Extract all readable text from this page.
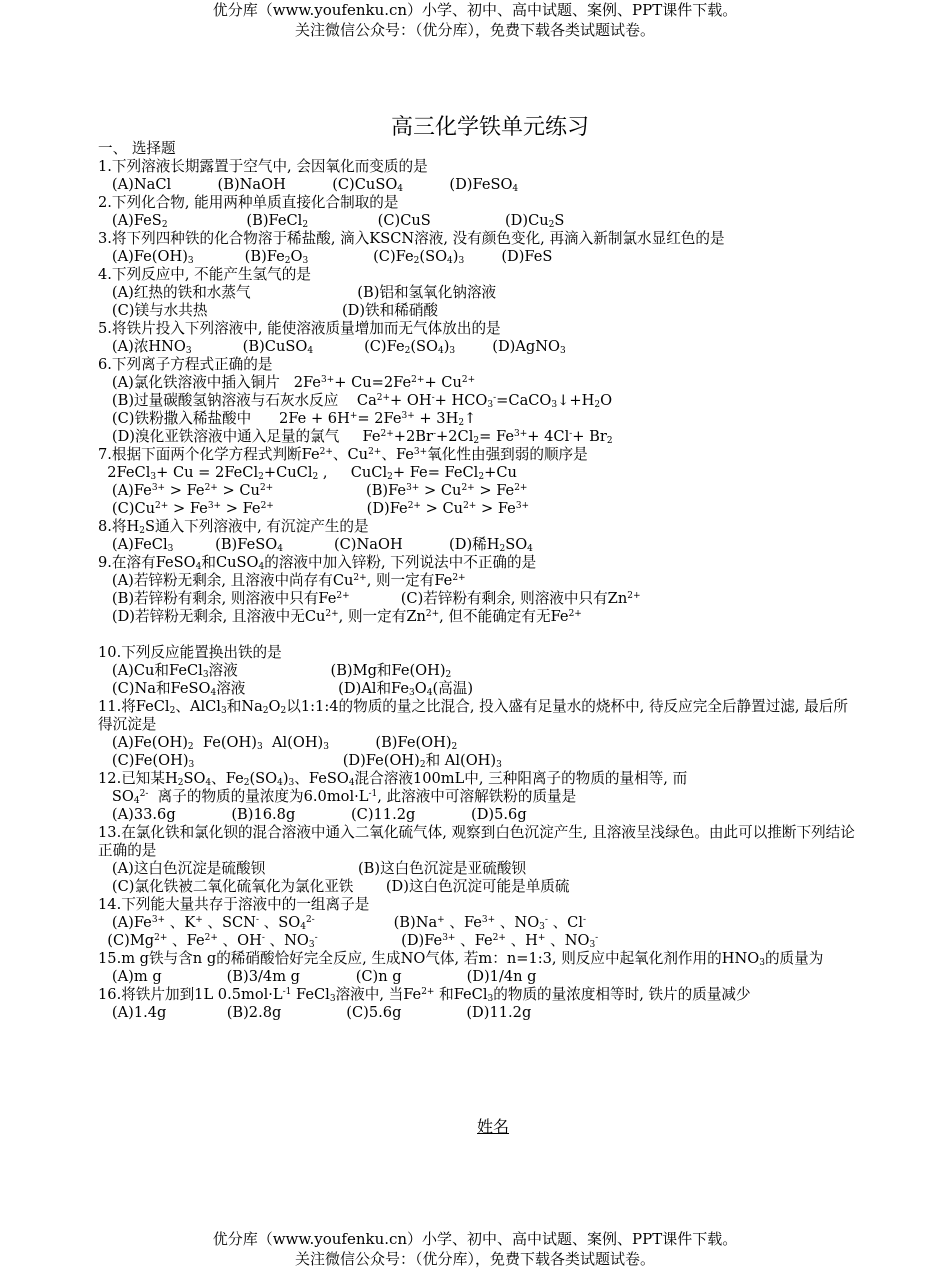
优分库（www.youfenku.cn）小学、初中、高中试题、案例、PPT课件下载。
关注微信公众号：（优分库），免费下载各类试题试卷。
高三化学铁单元练习
一、 选择题
1.下列溶液长期露置于空气中, 会因氧化而变质的是
(A)NaCl          (B)NaOH          (C)CuSO$_4$          (D)FeSO$_4$
2.下列化合物, 能用两种单质直接化合制取的是
(A)FeS$_2$                 (B)FeCl$_2$               (C)CuS                $(D)Cu_2S$
3.将下列四种铁的化合物溶于稀盐酸, 滴入KSCN溶液, 没有颜色变化, 再滴入新制氯水显红色的是
$(A)Fe(OH)_3$           $(B)Fe_2O_3$              $(C)Fe_2(SO_4)_3$        (D)FeS
4.下列反应中, 不能产生氢气的是
(A)红热的铁和水蒸气                       (B)铝和氢氧化钠溶液
(C)镁与水共热                             (D)铁和稀硝酸
5.将铁片投入下列溶液中, 能使溶液质量增加而无气体放出的是
(A)浓$HNO_3$           (B)CuSO$_4$           $(C)Fe_2(SO_4)_3$        (D)AgNO$_3$
6.下列离子方程式正确的是
(A)氯化铁溶液中插入铜片   $2Fe^{3+}+ Cu=2Fe^{2+}+ Cu^{2+}$
(B)过量碳酸氢钠溶液与石灰水反应    $Ca^{2+}+ OH^-+$ $HCO_3^-=CaCO_3↓+H_2O$
(C)铁粉撒入稀盐酸中      $2Fe + 6H^+= 2Fe^{3+}$ + $3H_2↑$
(D)溴化亚铁溶液中通入足量的氯气     $Fe^{2+}+2Br^-+2Cl_2= Fe^{3+}+ 4Cl^-+ Br_2$
7.根据下面两个化学方程式判断$Fe^{2+}$、$Cu^{2+}$、$Fe^{3+}$氧化性由强到弱的顺序是
2FeCl$_3$+ Cu = 2FeCl$_2$+CuCl$_2$ ,     CuCl$_2$+ Fe= FeCl$_2$+Cu
$(A)Fe^{3+} > Fe^{2+} > Cu^{2+}$                    $(B)Fe^{3+} > Cu^{2+} > Fe^{2+}$
$(C)Cu^{2+} > Fe^{3+} > Fe^{2+}$                    $(D)Fe^{2+} > Cu^{2+} > Fe^{3+}$
8.将$H_2S$通入下列溶液中, 有沉淀产生的是
(A)FeCl$_3$         (B)FeSO$_4$           (C)NaOH          (D)稀$H_2SO_4$
9.在溶有FeSO$_4$和CuSO$_4$的溶液中加入锌粉, 下列说法中不正确的是
(A)若锌粉无剩余, 且溶液中尚存有$Cu^{2+}$, 则一定有$Fe^{2+}$
(B)若锌粉有剩余, 则溶液中只有$Fe^{2+}$           (C)若锌粉有剩余, 则溶液中只有$Zn^{2+}$
(D)若锌粉无剩余, 且溶液中无$Cu^{2+}$, 则一定有$Zn^{2+}$, 但不能确定有无$Fe^{2+}$
10.下列反应能置换出铁的是
(A)Cu和FeCl$_3$溶液                    (B)Mg和$Fe(OH)_2$
(C)Na和FeSO$_4$溶液                    (D)Al和$Fe_3O_4$(高温)
11.将FeCl$_2$、AlCl$_3$和$Na_2O_2$以1:1:4的物质的量之比混合, 投入盛有足量水的烧杯中, 待反应完全后静置过滤, 最后所得沉淀是
$(A)Fe(OH)_2$  $Fe(OH)_3$  $Al(OH)_3$          $(B)Fe(OH)_2$
$(C)Fe(OH)_3$                                $(D)Fe(OH)_2$和 $Al(OH)_3$
12.已知某$H_2SO_4$、$Fe_2(SO_4)_3$、FeSO$_4$混合溶液100mL中, 三种阳离子的物质的量相等, 而
$SO_4^{2-}$  离子的物质的量浓度为$6.0mol\cdot L^{-1}$, 此溶液中可溶解铁粉的质量是
(A)33.6g            (B)16.8g            (C)11.2g            (D)5.6g
13.在氯化铁和氯化钡的混合溶液中通入二氧化硫气体, 观察到白色沉淀产生, 且溶液呈浅绿色。由此可以推断下列结论正确的是
(A)这白色沉淀是硫酸钡                    (B)这白色沉淀是亚硫酸钡
(C)氯化铁被二氧化硫氧化为氯化亚铁       (D)这白色沉淀可能是单质硫
14.下列能大量共存于溶液中的一组离子是
$(A)Fe^{3+}$ 、K+ 、SCN- 、$SO_4^{2-}$                 (B)Na+ 、$Fe^{3+}$ 、$NO_3^-$ 、Cl-
$(C)Mg^{2+}$ 、$Fe^{2+}$ 、OH- 、$NO_3^-$                  $(D)Fe^{3+}$ 、$Fe^{2+}$ 、H+ 、$NO_3^-$
15.m g铁与含n g的稀硝酸恰好完全反应, 生成NO气体, 若m：n=1:3, 则反应中起氧化剂作用的$HNO_3$的质量为
(A)m g              (B)3/4m g            (C)n g              (D)1/4n g
16.将铁片加到1L $0.5mol\cdot L^{-1}$ FeCl$_3$溶液中, 当$Fe^{2+}$ 和FeCl$_3$的物质的量浓度相等时, 铁片的质量减少
(A)1.4g             (B)2.8g              (C)5.6g              (D)11.2g
姓名
优分库（www.youfenku.cn）小学、初中、高中试题、案例、PPT课件下载。
关注微信公众号：（优分库），免费下载各类试题试卷。
